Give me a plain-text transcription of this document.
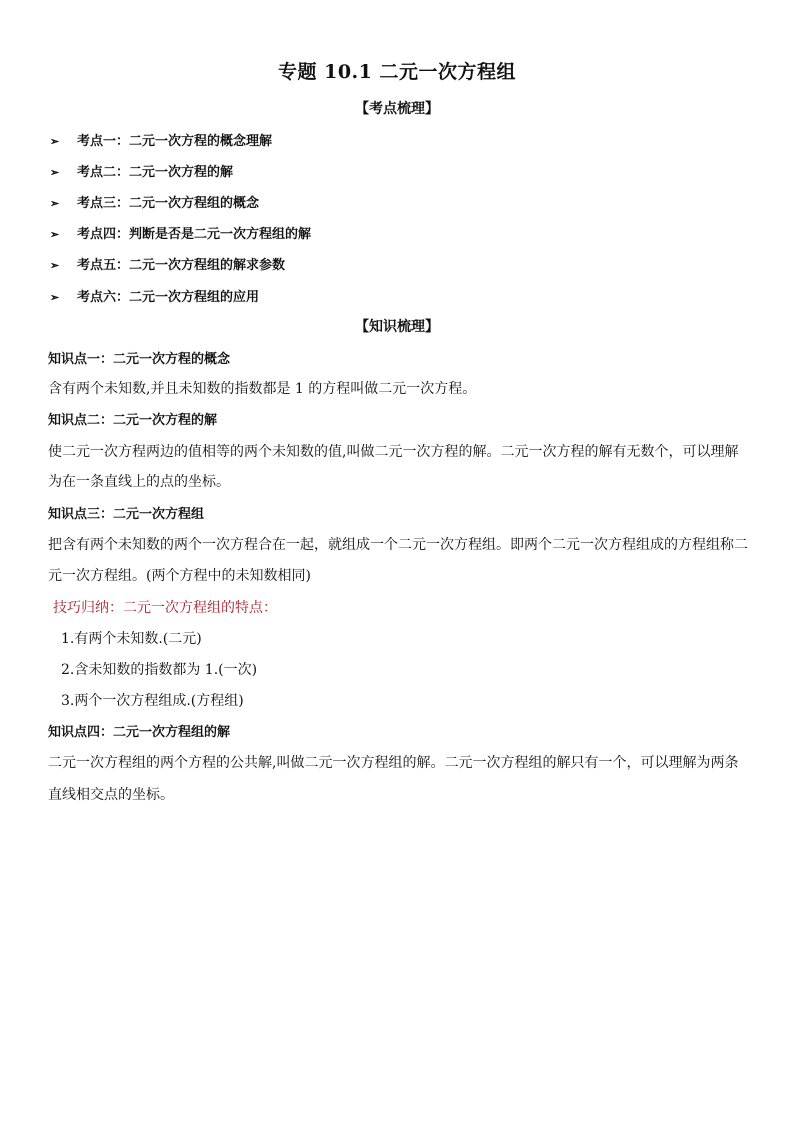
专题 10.1 二元一次方程组
【考点梳理】
➢ 考点一：二元一次方程的概念理解
➢ 考点二：二元一次方程的解
➢ 考点三：二元一次方程组的概念
➢ 考点四：判断是否是二元一次方程组的解
➢ 考点五：二元一次方程组的解求参数
➢ 考点六：二元一次方程组的应用
【知识梳理】
知识点一：二元一次方程的概念
含有两个未知数,并且未知数的指数都是 1 的方程叫做二元一次方程。
知识点二：二元一次方程的解
使二元一次方程两边的值相等的两个未知数的值,叫做二元一次方程的解。二元一次方程的解有无数个，可以理解
为在一条直线上的点的坐标。
知识点三：二元一次方程组
把含有两个未知数的两个一次方程合在一起，就组成一个二元一次方程组。即两个二元一次方程组成的方程组称二
元一次方程组。(两个方程中的未知数相同)
技巧归纳：二元一次方程组的特点：
1.有两个未知数.(二元)
2.含未知数的指数都为 1.(一次)
3.两个一次方程组成.(方程组)
知识点四：二元一次方程组的解
二元一次方程组的两个方程的公共解,叫做二元一次方程组的解。二元一次方程组的解只有一个，可以理解为两条
直线相交点的坐标。
